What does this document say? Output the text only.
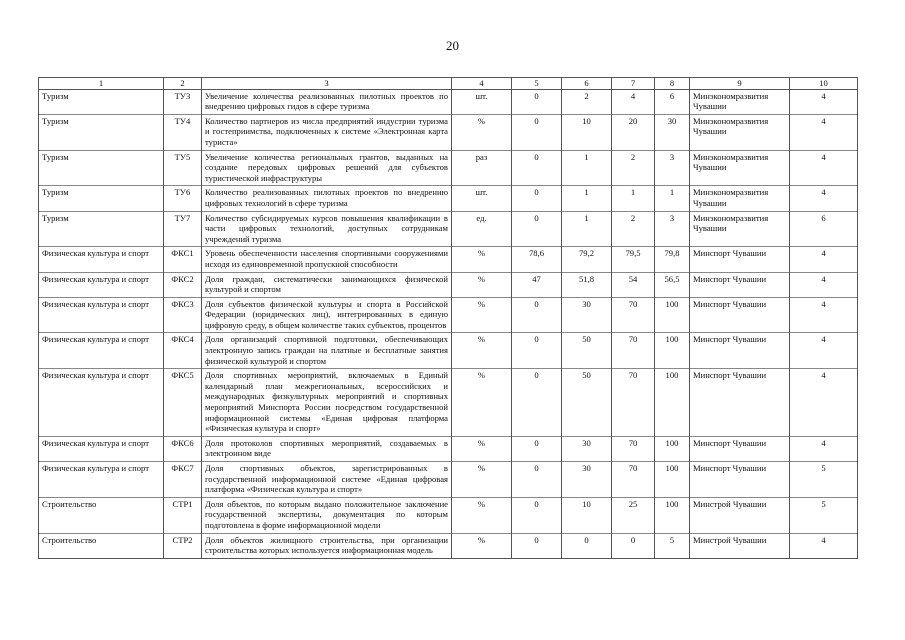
20
1	2	3	4	5	6	7	8	9	10
Туризм	ТУ3	Увеличение количества реализованных пилотных проектов по внедрению цифровых гидов в сфере туризма	шт.	0	2	4	6	Минэкономразвития Чувашии	4
Туризм	ТУ4	Количество партнеров из числа предприятий индустрии туризма и гостеприимства, подключенных к системе «Электронная карта туриста»	%	0	10	20	30	Минэкономразвития Чувашии	4
Туризм	ТУ5	Увеличение количества региональных грантов, выданных на создание передовых цифровых решений для субъектов туристической инфраструктуры	раз	0	1	2	3	Минэкономразвития Чувашии	4
Туризм	ТУ6	Количество реализованных пилотных проектов по внедрению цифровых технологий в сфере туризма	шт.	0	1	1	1	Минэкономразвития Чувашии	4
Туризм	ТУ7	Количество субсидируемых курсов повышения квалификации в части цифровых технологий, доступных сотрудникам учреждений туризма	ед.	0	1	2	3	Минэкономразвития Чувашии	6
Физическая культура и спорт	ФКС1	Уровень обеспеченности населения спортивными сооружениями исходя из единовременной пропускной способности	%	78,6	79,2	79,5	79,8	Минспорт Чувашии	4
Физическая культура и спорт	ФКС2	Доля граждан, систематически занимающихся физической культурой и спортом	%	47	51,8	54	56,5	Минспорт Чувашии	4
Физическая культура и спорт	ФКС3	Доля субъектов физической культуры и спорта в Российской Федерации (юридических лиц), интегрированных в единую цифровую среду, в общем количестве таких субъектов, процентов	%	0	30	70	100	Минспорт Чувашии	4
Физическая культура и спорт	ФКС4	Доля организаций спортивной подготовки, обеспечивающих электронную запись граждан на платные и бесплатные занятия физической культурой и спортом	%	0	50	70	100	Минспорт Чувашии	4
Физическая культура и спорт	ФКС5	Доля спортивных мероприятий, включаемых в Единый календарный план межрегиональных, всероссийских и международных физкультурных мероприятий и спортивных мероприятий Минспорта России посредством государственной информационной системы «Единая цифровая платформа «Физическая культура и спорт»	%	0	50	70	100	Минспорт Чувашии	4
Физическая культура и спорт	ФКС6	Доля протоколов спортивных мероприятий, создаваемых в электронном виде	%	0	30	70	100	Минспорт Чувашии	4
Физическая культура и спорт	ФКС7	Доля спортивных объектов, зарегистрированных в государственной информационной системе «Единая цифровая платформа «Физическая культура и спорт»	%	0	30	70	100	Минспорт Чувашии	5
Строительство	СТР1	Доля объектов, по которым выдано положительное заключение государственной экспертизы, документация по которым подготовлена в форме информационной модели	%	0	10	25	100	Минстрой Чувашии	5
Строительство	СТР2	Доля объектов жилищного строительства, при организации строительства которых используется информационная модель	%	0	0	0	5	Минстрой Чувашии	4
